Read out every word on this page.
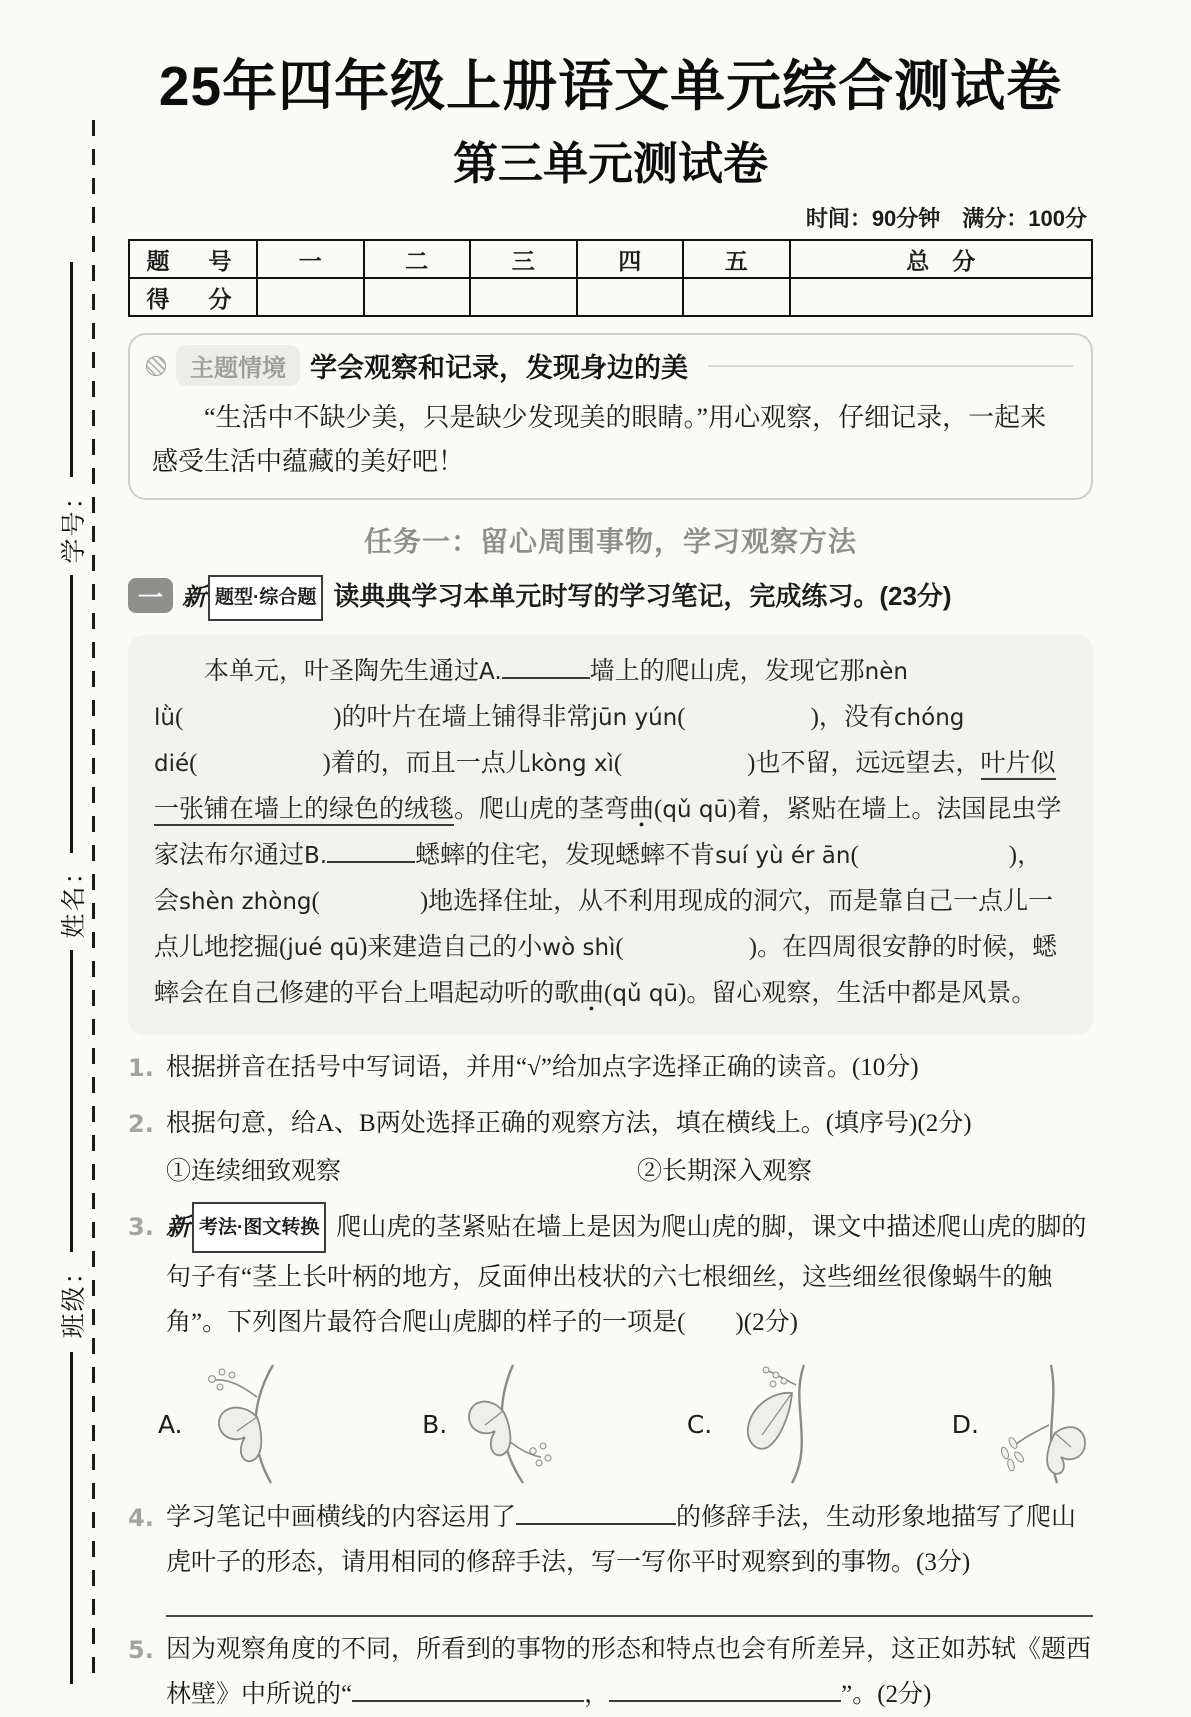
学号：
姓名：
班级：
25年四年级上册语文单元综合测试卷
第三单元测试卷
时间：90分钟　满分：100分
题　号	一	二	三	四	五	总　分
得　分						
主题情境 学会观察和记录，发现身边的美
“生活中不缺少美，只是缺少发现美的眼睛。”用心观察，仔细记录，一起来感受生活中蕴藏的美好吧！
任务一：留心周围事物，学习观察方法
一 新 题型·综合题 读典典学习本单元时写的学习笔记，完成练习。(23分)
　　本单元，叶圣陶先生通过A.	墙上的爬山虎，发现它那nèn lǜ(　　　　　　)的叶片在墙上铺得非常jūn yún(　　　　　)，没有chóng dié(　　　　　)着的，而且一点儿kòng xì(　　　　　)也不留，远远望去，叶片似一张铺在墙上的绿色的绒毯。爬山虎的茎弯曲 ●(qǔ qū)着，紧贴在墙上。法国昆虫学家法布尔通过B.	蟋蟀的住宅，发现蟋蟀不肯suí yù ér ān(　　　　　　)，会shèn zhòng(　　　　)地选择住址，从不利用现成的洞穴，而是靠自己一点儿一点儿地挖掘(jué qū)来建造自己的小wò shì(　　　　　)。在四周很安静的时候，蟋蟀会在自己修建的平台上唱起动听的歌曲 ●(qǔ qū)。留心观察，生活中都是风景。
1. 根据拼音在括号中写词语，并用“√”给加点字选择正确的读音。(10分)
2. 根据句意，给A、B两处选择正确的观察方法，填在横线上。(填序号)(2分)
①连续细致观察	②长期深入观察
3. 新 考法·图文转换 爬山虎的茎紧贴在墙上是因为爬山虎的脚，课文中描述爬山虎的脚的句子有“茎上长叶柄的地方，反面伸出枝状的六七根细丝，这些细丝很像蜗牛的触角”。下列图片最符合爬山虎脚的样子的一项是(　　)(2分)
A.	B.	C.	D.
4. 学习笔记中画横线的内容运用了	的修辞手法，生动形象地描写了爬山虎叶子的形态，请用相同的修辞手法，写一写你平时观察到的事物。(3分)
5. 因为观察角度的不同，所看到的事物的形态和特点也会有所差异，这正如苏轼《题西林壁》中所说的“	，	”。(2分)
